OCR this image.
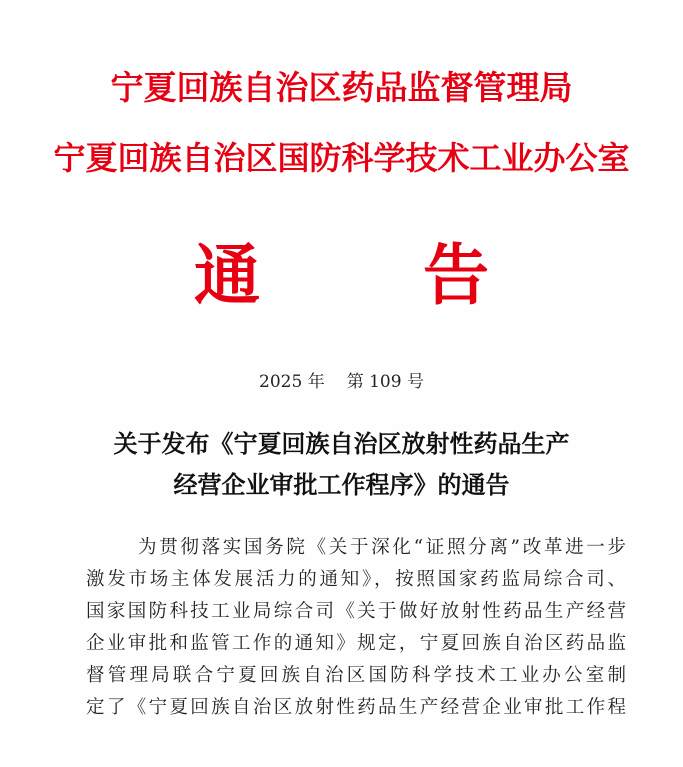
宁夏回族自治区药品监督管理局
宁夏回族自治区国防科学技术工业办公室
通 告
2025 年 第 109 号
关于发布《宁夏回族自治区放射性药品生产
经营企业审批工作程序》的通告
为贯彻落实国务院《关于深化“证照分离”改革进一步
激发市场主体发展活力的通知》，按照国家药监局综合司、
国家国防科技工业局综合司《关于做好放射性药品生产经营
企业审批和监管工作的通知》规定，宁夏回族自治区药品监
督管理局联合宁夏回族自治区国防科学技术工业办公室制
定了《宁夏回族自治区放射性药品生产经营企业审批工作程
